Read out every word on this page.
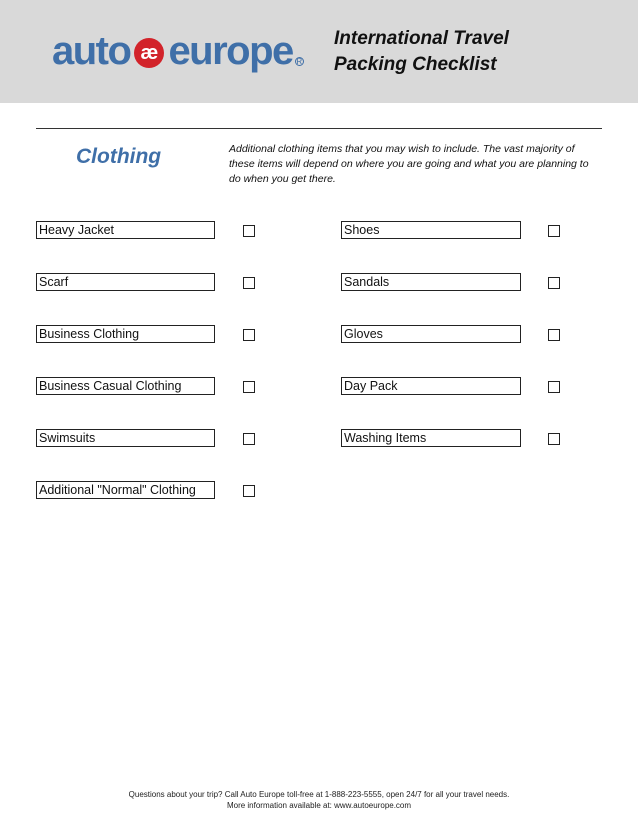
auto æ europe R
International Travel
Packing Checklist
Clothing	Additional clothing items that you may wish to include. The vast majority of these items will depend on where you are going and what you are planning to do when you get there.
Heavy Jacket
Scarf
Business Clothing
Business Casual Clothing
Swimsuits
Additional "Normal" Clothing
Shoes
Sandals
Gloves
Day Pack
Washing Items
Questions about your trip? Call Auto Europe toll-free at 1-888-223-5555, open 24/7 for all your travel needs.
More information available at: www.autoeurope.com
